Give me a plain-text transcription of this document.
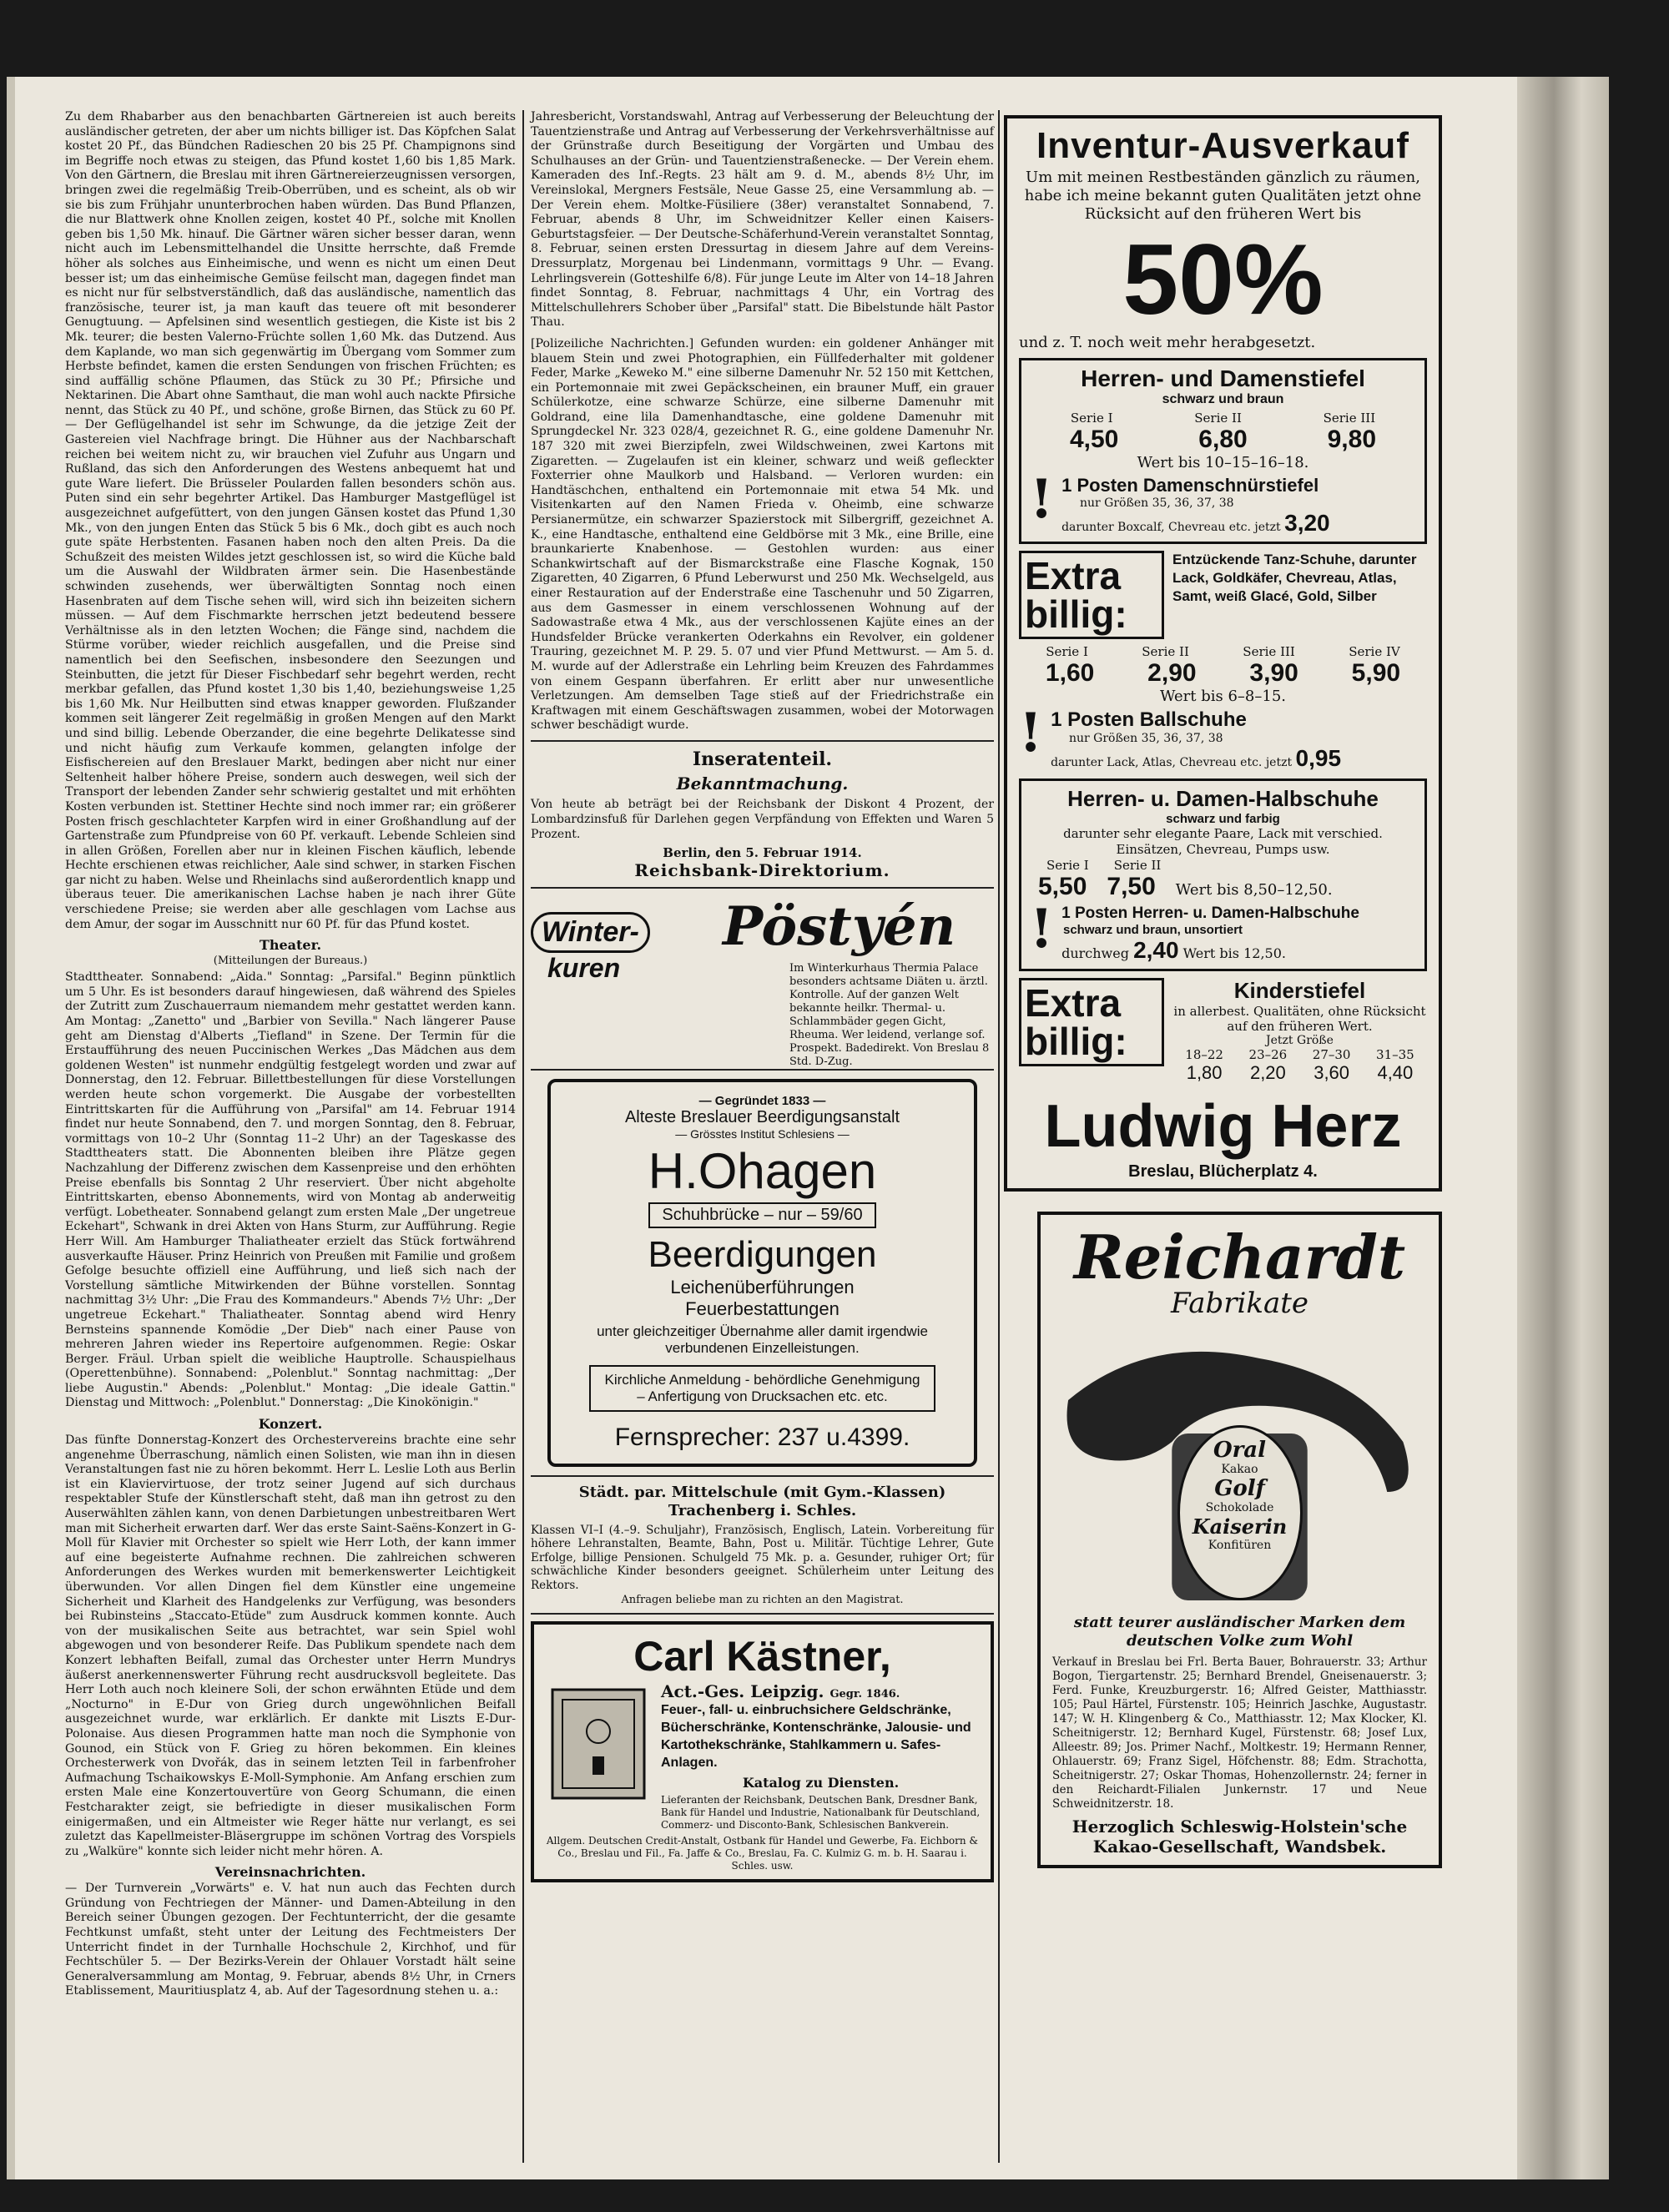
Zu dem Rhabarber aus den benachbarten Gärtnereien ist auch bereits ausländischer getreten, der aber um nichts billiger ist. Das Köpfchen Salat kostet 20 Pf., das Bündchen Radieschen 20 bis 25 Pf. Champignons sind im Begriffe noch etwas zu steigen, das Pfund kostet 1,60 bis 1,85 Mark. Von den Gärtnern, die Breslau mit ihren Gärtnereierzeugnissen versorgen, bringen zwei die regelmäßig Treib-Oberrüben, und es scheint, als ob wir sie bis zum Frühjahr ununterbrochen haben würden. Das Bund Pflanzen, die nur Blattwerk ohne Knollen zeigen, kostet 40 Pf., solche mit Knollen geben bis 1,50 Mk. hinauf. Die Gärtner wären sicher besser daran, wenn nicht auch im Lebensmittelhandel die Unsitte herrschte, daß Fremde höher als solches aus Einheimische, und wenn es nicht um einen Deut besser ist; um das einheimische Gemüse feilscht man, dagegen findet man es nicht nur für selbstverständlich, daß das ausländische, namentlich das französische, teurer ist, ja man kauft das teuere oft mit besonderer Genugtuung. — Apfelsinen sind wesentlich gestiegen, die Kiste ist bis 2 Mk. teurer; die besten Valerno-Früchte sollen 1,60 Mk. das Dutzend. Aus dem Kaplande, wo man sich gegenwärtig im Übergang vom Sommer zum Herbste befindet, kamen die ersten Sendungen von frischen Früchten; es sind auffällig schöne Pflaumen, das Stück zu 30 Pf.; Pfirsiche und Nektarinen. Die Abart ohne Samthaut, die man wohl auch nackte Pfirsiche nennt, das Stück zu 40 Pf., und schöne, große Birnen, das Stück zu 60 Pf. — Der Geflügelhandel ist sehr im Schwunge, da die jetzige Zeit der Gastereien viel Nachfrage bringt. Die Hühner aus der Nachbarschaft reichen bei weitem nicht zu, wir brauchen viel Zufuhr aus Ungarn und Rußland, das sich den Anforderungen des Westens anbequemt hat und gute Ware liefert. Die Brüsseler Poularden fallen besonders schön aus. Puten sind ein sehr begehrter Artikel. Das Hamburger Mastgeflügel ist ausgezeichnet aufgefüttert, von den jungen Gänsen kostet das Pfund 1,30 Mk., von den jungen Enten das Stück 5 bis 6 Mk., doch gibt es auch noch gute späte Herbstenten. Fasanen haben noch den alten Preis. Da die Schußzeit des meisten Wildes jetzt geschlossen ist, so wird die Küche bald um die Auswahl der Wildbraten ärmer sein. Die Hasenbestände schwinden zusehends, wer überwältigten Sonntag noch einen Hasenbraten auf dem Tische sehen will, wird sich ihn beizeiten sichern müssen. — Auf dem Fischmarkte herrschen jetzt bedeutend bessere Verhältnisse als in den letzten Wochen; die Fänge sind, nachdem die Stürme vorüber, wieder reichlich ausgefallen, und die Preise sind namentlich bei den Seefischen, insbesondere den Seezungen und Steinbutten, die jetzt für Dieser Fischbedarf sehr begehrt werden, recht merkbar gefallen, das Pfund kostet 1,30 bis 1,40, beziehungsweise 1,25 bis 1,60 Mk. Nur Heilbutten sind etwas knapper geworden. Flußzander kommen seit längerer Zeit regelmäßig in großen Mengen auf den Markt und sind billig. Lebende Oberzander, die eine begehrte Delikatesse sind und nicht häufig zum Verkaufe kommen, gelangten infolge der Eisfischereien auf den Breslauer Markt, bedingen aber nicht nur einer Seltenheit halber höhere Preise, sondern auch deswegen, weil sich der Transport der lebenden Zander sehr schwierig gestaltet und mit erhöhten Kosten verbunden ist. Stettiner Hechte sind noch immer rar; ein größerer Posten frisch geschlachteter Karpfen wird in einer Großhandlung auf der Gartenstraße zum Pfundpreise von 60 Pf. verkauft. Lebende Schleien sind in allen Größen, Forellen aber nur in kleinen Fischen käuflich, lebende Hechte erschienen etwas reichlicher, Aale sind schwer, in starken Fischen gar nicht zu haben. Welse und Rheinlachs sind außerordentlich knapp und überaus teuer. Die amerikanischen Lachse haben je nach ihrer Güte verschiedene Preise; sie werden aber alle geschlagen vom Lachse aus dem Amur, der sogar im Ausschnitt nur 60 Pf. für das Pfund kostet.

Theater.
(Mitteilungen der Bureaus.)

Stadttheater. Sonnabend: „Aida." Sonntag: „Parsifal." Beginn pünktlich um 5 Uhr. Es ist besonders darauf hingewiesen, daß während des Spieles der Zutritt zum Zuschauerraum niemandem mehr gestattet werden kann. Am Montag: „Zanetto" und „Barbier von Sevilla." Nach längerer Pause geht am Dienstag d'Alberts „Tiefland" in Szene. Der Termin für die Erstaufführung des neuen Puccinischen Werkes „Das Mädchen aus dem goldenen Westen" ist nunmehr endgültig festgelegt worden und zwar auf Donnerstag, den 12. Februar. Billettbestellungen für diese Vorstellungen werden heute schon vorgemerkt. Die Ausgabe der vorbestellten Eintrittskarten für die Aufführung von „Parsifal" am 14. Februar 1914 findet nur heute Sonnabend, den 7. und morgen Sonntag, den 8. Februar, vormittags von 10–2 Uhr (Sonntag 11–2 Uhr) an der Tageskasse des Stadttheaters statt. Die Abonnenten bleiben ihre Plätze gegen Nachzahlung der Differenz zwischen dem Kassenpreise und den erhöhten Preise ebenfalls bis Sonntag 2 Uhr reserviert. Über nicht abgeholte Eintrittskarten, ebenso Abonnements, wird von Montag ab anderweitig verfügt. Lobetheater. Sonnabend gelangt zum ersten Male „Der ungetreue Eckehart", Schwank in drei Akten von Hans Sturm, zur Aufführung. Regie Herr Will. Am Hamburger Thaliatheater erzielt das Stück fortwährend ausverkaufte Häuser. Prinz Heinrich von Preußen mit Familie und großem Gefolge besuchte offiziell eine Aufführung, und ließ sich nach der Vorstellung sämtliche Mitwirkenden der Bühne vorstellen. Sonntag nachmittag 3½ Uhr: „Die Frau des Kommandeurs." Abends 7½ Uhr: „Der ungetreue Eckehart." Thaliatheater. Sonntag abend wird Henry Bernsteins spannende Komödie „Der Dieb" nach einer Pause von mehreren Jahren wieder ins Repertoire aufgenommen. Regie: Oskar Berger. Fräul. Urban spielt die weibliche Hauptrolle. Schauspielhaus (Operettenbühne). Sonnabend: „Polenblut." Sonntag nachmittag: „Der liebe Augustin." Abends: „Polenblut." Montag: „Die ideale Gattin." Dienstag und Mittwoch: „Polenblut." Donnerstag: „Die Kinokönigin."

Konzert.

Das fünfte Donnerstag-Konzert des Orchestervereins brachte eine sehr angenehme Überraschung, nämlich einen Solisten, wie man ihn in diesen Veranstaltungen fast nie zu hören bekommt. Herr L. Leslie Loth aus Berlin ist ein Klaviervirtuose, der trotz seiner Jugend auf sich durchaus respektabler Stufe der Künstlerschaft steht, daß man ihn getrost zu den Auserwählten zählen kann, von denen Darbietungen unbestreitbaren Wert man mit Sicherheit erwarten darf. Wer das erste Saint-Saëns-Konzert in G-Moll für Klavier mit Orchester so spielt wie Herr Loth, der kann immer auf eine begeisterte Aufnahme rechnen. Die zahlreichen schweren Anforderungen des Werkes wurden mit bemerkenswerter Leichtigkeit überwunden. Vor allen Dingen fiel dem Künstler eine ungemeine Sicherheit und Klarheit des Handgelenks zur Verfügung, was besonders bei Rubinsteins „Staccato-Etüde" zum Ausdruck kommen konnte. Auch von der musikalischen Seite aus betrachtet, war sein Spiel wohl abgewogen und von besonderer Reife. Das Publikum spendete nach dem Konzert lebhaften Beifall, zumal das Orchester unter Herrn Mundrys äußerst anerkennenswerter Führung recht ausdrucksvoll begleitete. Das Herr Loth auch noch kleinere Soli, der schon erwähnten Etüde und dem „Nocturno" in E-Dur von Grieg durch ungewöhnlichen Beifall ausgezeichnet wurde, war erklärlich. Er dankte mit Liszts E-Dur-Polonaise. Aus diesen Programmen hatte man noch die Symphonie von Gounod, ein Stück von F. Grieg zu hören bekommen. Ein kleines Orchesterwerk von Dvořák, das in seinem letzten Teil in farbenfroher Aufmachung Tschaikowskys E-Moll-Symphonie. Am Anfang erschien zum ersten Male eine Konzertouvertüre von Georg Schumann, die einen Festcharakter zeigt, sie befriedigte in dieser musikalischen Form einigermaßen, und ein Altmeister wie Reger hätte nur verlangt, es sei zuletzt das Kapellmeister-Bläsergruppe im schönen Vortrag des Vorspiels zu „Walküre" konnte sich leider nicht mehr hören. A.

Vereinsnachrichten.

— Der Turnverein „Vorwärts" e. V. hat nun auch das Fechten durch Gründung von Fechtriegen der Männer- und Damen-Abteilung in den Bereich seiner Übungen gezogen. Der Fechtunterricht, der die gesamte Fechtkunst umfaßt, steht unter der Leitung des Fechtmeisters Der Unterricht findet in der Turnhalle Hochschule 2, Kirchhof, und für Fechtschüler 5. — Der Bezirks-Verein der Ohlauer Vorstadt hält seine Generalversammlung am Montag, 9. Februar, abends 8½ Uhr, in Crners Etablissement, Mauritiusplatz 4, ab. Auf der Tagesordnung stehen u. a.:

Jahresbericht, Vorstandswahl, Antrag auf Verbesserung der Beleuchtung der Tauentzienstraße und Antrag auf Verbesserung der Verkehrsverhältnisse auf der Grünstraße durch Beseitigung der Vorgärten und Umbau des Schulhauses an der Grün- und Tauentzienstraßenecke. — Der Verein ehem. Kameraden des Inf.-Regts. 23 hält am 9. d. M., abends 8½ Uhr, im Vereinslokal, Mergners Festsäle, Neue Gasse 25, eine Versammlung ab. — Der Verein ehem. Moltke-Füsiliere (38er) veranstaltet Sonnabend, 7. Februar, abends 8 Uhr, im Schweidnitzer Keller einen Kaisers-Geburtstagsfeier. — Der Deutsche-Schäferhund-Verein veranstaltet Sonntag, 8. Februar, seinen ersten Dressurtag in diesem Jahre auf dem Vereins-Dressurplatz, Morgenau bei Lindenmann, vormittags 9 Uhr. — Evang. Lehrlingsverein (Gotteshilfe 6/8). Für junge Leute im Alter von 14–18 Jahren findet Sonntag, 8. Februar, nachmittags 4 Uhr, ein Vortrag des Mittelschullehrers Schober über „Parsifal" statt. Die Bibelstunde hält Pastor Thau.

[Polizeiliche Nachrichten.] Gefunden wurden: ein goldener Anhänger mit blauem Stein und zwei Photographien, ein Füllfederhalter mit goldener Feder, Marke „Keweko M." eine silberne Damenuhr Nr. 52 150 mit Kettchen, ein Portemonnaie mit zwei Gepäckscheinen, ein brauner Muff, ein grauer Schülerkotze, eine schwarze Schürze, eine silberne Damenuhr mit Goldrand, eine lila Damenhandtasche, eine goldene Damenuhr mit Sprungdeckel Nr. 323 028/4, gezeichnet R. G., eine goldene Damenuhr Nr. 187 320 mit zwei Bierzipfeln, zwei Wildschweinen, zwei Kartons mit Zigaretten. — Zugelaufen ist ein kleiner, schwarz und weiß gefleckter Foxterrier ohne Maulkorb und Halsband. — Verloren wurden: ein Handtäschchen, enthaltend ein Portemonnaie mit etwa 54 Mk. und Visitenkarten auf den Namen Frieda v. Oheimb, eine schwarze Persianermütze, ein schwarzer Spazierstock mit Silbergriff, gezeichnet A. K., eine Handtasche, enthaltend eine Geldbörse mit 3 Mk., eine Brille, eine braunkarierte Knabenhose. — Gestohlen wurden: aus einer Schankwirtschaft auf der Bismarckstraße eine Flasche Kognak, 150 Zigaretten, 40 Zigarren, 6 Pfund Leberwurst und 250 Mk. Wechselgeld, aus einer Restauration auf der Enderstraße eine Taschenuhr und 50 Zigarren, aus dem Gasmesser in einem verschlossenen Wohnung auf der Sadowastraße etwa 4 Mk., aus der verschlossenen Kajüte eines an der Hundsfelder Brücke verankerten Oderkahns ein Revolver, ein goldener Trauring, gezeichnet M. P. 29. 5. 07 und vier Pfund Mettwurst. — Am 5. d. M. wurde auf der Adlerstraße ein Lehrling beim Kreuzen des Fahrdammes von einem Gespann überfahren. Er erlitt aber nur unwesentliche Verletzungen. Am demselben Tage stieß auf der Friedrichstraße ein Kraftwagen mit einem Geschäftswagen zusammen, wobei der Motorwagen schwer beschädigt wurde.

Inseratenteil.
Bekanntmachung.

Von heute ab beträgt bei der Reichsbank der Diskont 4 Prozent, der Lombardzinsfuß für Darlehen gegen Verpfändung von Effekten und Waren 5 Prozent.

Berlin, den 5. Februar 1914.
Reichsbank-Direktorium.
Winter-
kuren
Pöstyén

Im Winterkurhaus Thermia Palace besonders achtsame Diäten u. ärztl. Kontrolle. Auf der ganzen Welt bekannte heilkr. Thermal- u. Schlammbäder gegen Gicht, Rheuma. Wer leidend, verlange sof. Prospekt. Badedirekt. Von Breslau 8 Std. D-Zug.

— Gegründet 1833 —
Alteste Breslauer Beerdigungsanstalt
— Grösstes Institut Schlesiens —
H.Ohagen
Schuhbrücke – nur – 59/60
Beerdigungen
Leichenüberführungen
Feuerbestattungen
unter gleichzeitiger Übernahme aller damit irgendwie verbundenen Einzelleistungen.
Kirchliche Anmeldung - behördliche Genehmigung – Anfertigung von Drucksachen etc. etc.
Fernsprecher: 237 u.4399.
Städt. par. Mittelschule (mit Gym.-Klassen) Trachenberg i. Schles.

Klassen VI–I (4.–9. Schuljahr), Französisch, Englisch, Latein. Vorbereitung für höhere Lehranstalten, Beamte, Bahn, Post u. Militär. Tüchtige Lehrer, Gute Erfolge, billige Pensionen. Schulgeld 75 Mk. p. a. Gesunder, ruhiger Ort; für schwächliche Kinder besonders geeignet. Schülerheim unter Leitung des Rektors.

Anfragen beliebe man zu richten an den Magistrat.
Carl Kästner,
Act.-Ges. Leipzig. Gegr. 1846.
Feuer-, fall- u. einbruchsichere Geldschränke, Bücherschränke, Kontenschränke, Jalousie- und Kartothekschränke, Stahlkammern u. Safes-Anlagen.
Katalog zu Diensten.
Lieferanten der Reichsbank, Deutschen Bank, Dresdner Bank, Bank für Handel und Industrie, Nationalbank für Deutschland, Commerz- und Disconto-Bank, Schlesischen Bankverein.
Allgem. Deutschen Credit-Anstalt, Ostbank für Handel und Gewerbe, Fa. Eichborn & Co., Breslau und Fil., Fa. Jaffe & Co., Breslau, Fa. C. Kulmiz G. m. b. H. Saarau i. Schles. usw.
Inventur-Ausverkauf

Um mit meinen Restbeständen gänzlich zu räumen, habe ich meine bekannt guten Qualitäten jetzt ohne Rücksicht auf den früheren Wert bis

50%
und z. T. noch weit mehr herabgesetzt.
Herren- und Damenstiefel
schwarz und braun
Serie I	Serie II	Serie III
4,50	6,80	9,80
Wert bis 10–15–16–18.
! 1 Posten Damenschnürstiefel
nur Größen 35, 36, 37, 38
darunter Boxcalf, Chevreau etc. jetzt 3,20
Extra billig:
Entzückende Tanz-Schuhe, darunter Lack, Goldkäfer, Chevreau, Atlas, Samt, weiß Glacé, Gold, Silber
Serie I	Serie II	Serie III	Serie IV
1,60 2,90 3,90 5,90
Wert bis 6–8–15.
! 1 Posten Ballschuhe
nur Größen 35, 36, 37, 38
darunter Lack, Atlas, Chevreau etc. jetzt 0,95
Herren- u. Damen-Halbschuhe
schwarz und farbig
darunter sehr elegante Paare, Lack mit verschied. Einsätzen, Chevreau, Pumps usw.
Serie I Serie II
5,50 7,50 Wert bis 8,50–12,50.
! 1 Posten Herren- u. Damen-Halbschuhe
schwarz und braun, unsortiert
durchweg 2,40 Wert bis 12,50.
Extra billig:
Kinderstiefel
in allerbest. Qualitäten, ohne Rücksicht auf den früheren Wert.
Jetzt Größe
18–22 23–26 27–30 31–35
1,80 2,20 3,60 4,40
Ludwig Herz
Breslau, Blücherplatz 4.
Reichardt
Fabrikate
Oral
Kakao
Golf
Schokolade
Kaiserin
Konfitüren
statt teurer ausländischer Marken dem deutschen Volke zum Wohl

Verkauf in Breslau bei Frl. Berta Bauer, Bohrauerstr. 33; Arthur Bogon, Tiergartenstr. 25; Bernhard Brendel, Gneisenauerstr. 3; Ferd. Funke, Kreuzburgerstr. 16; Alfred Geister, Matthiasstr. 105; Paul Härtel, Fürstenstr. 105; Heinrich Jaschke, Augustastr. 147; W. H. Klingenberg & Co., Matthiasstr. 12; Max Klocker, Kl. Scheitnigerstr. 12; Bernhard Kugel, Fürstenstr. 68; Josef Lux, Alleestr. 89; Jos. Primer Nachf., Moltkestr. 19; Hermann Renner, Ohlauerstr. 69; Franz Sigel, Höfchenstr. 88; Edm. Strachotta, Scheitnigerstr. 27; Oskar Thomas, Hohenzollernstr. 24; ferner in den Reichardt-Filialen Junkernstr. 17 und Neue Schweidnitzerstr. 18.

Herzoglich Schleswig-Holstein'sche Kakao-Gesellschaft, Wandsbek.
